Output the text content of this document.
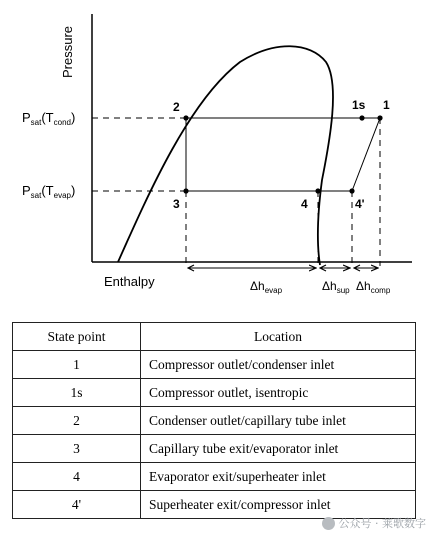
1
1s
2
3	4	4'
Pressure
Enthalpy
$P_{sat}(T_{cond})$
$P_{sat}(T_{evap})$
$\Delta h_{evap}$	$\Delta h_{sup}$ $\Delta h_{comp}$
State point	Location
1	Compressor outlet/condenser inlet
1s	Compressor outlet, isentropic
2	Condenser outlet/capillary tube inlet
3	Capillary tube exit/evaporator inlet
4	Evaporator exit/superheater inlet
4'	Superheater exit/compressor inlet
公众号 · 莱歌数字
